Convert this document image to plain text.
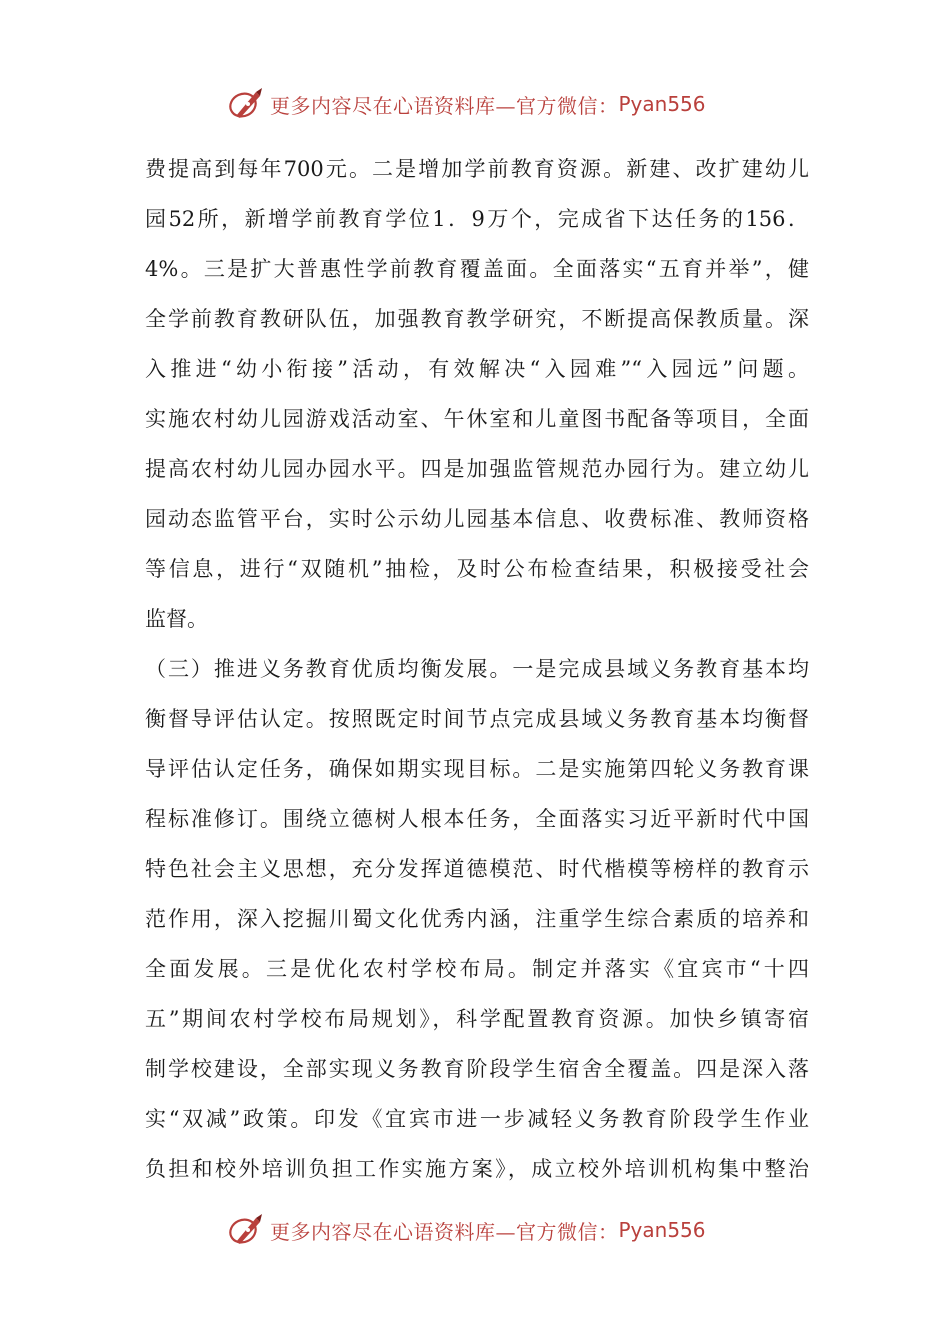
更多内容尽在心语资料库—官方微信： Pyan556
费提高到每年700元。二是增加学前教育资源。新建、改扩建幼儿
园52所，新增学前教育学位1．9万个，完成省下达任务的156．
4%。三是扩大普惠性学前教育覆盖面。全面落实“五育并举”，健
全学前教育教研队伍，加强教育教学研究，不断提高保教质量。深
入推进“幼小衔接”活动，有效解决“入园难”“入园远”问题。
实施农村幼儿园游戏活动室、午休室和儿童图书配备等项目，全面
提高农村幼儿园办园水平。四是加强监管规范办园行为。建立幼儿
园动态监管平台，实时公示幼儿园基本信息、收费标准、教师资格
等信息，进行“双随机”抽检，及时公布检查结果，积极接受社会
监督。
（三）推进义务教育优质均衡发展。一是完成县域义务教育基本均
衡督导评估认定。按照既定时间节点完成县域义务教育基本均衡督
导评估认定任务，确保如期实现目标。二是实施第四轮义务教育课
程标准修订。围绕立德树人根本任务，全面落实习近平新时代中国
特色社会主义思想，充分发挥道德模范、时代楷模等榜样的教育示
范作用，深入挖掘川蜀文化优秀内涵，注重学生综合素质的培养和
全面发展。三是优化农村学校布局。制定并落实《宜宾市“十四
五”期间农村学校布局规划》，科学配置教育资源。加快乡镇寄宿
制学校建设，全部实现义务教育阶段学生宿舍全覆盖。四是深入落
实“双减”政策。印发《宜宾市进一步减轻义务教育阶段学生作业
负担和校外培训负担工作实施方案》，成立校外培训机构集中整治
更多内容尽在心语资料库—官方微信： Pyan556
